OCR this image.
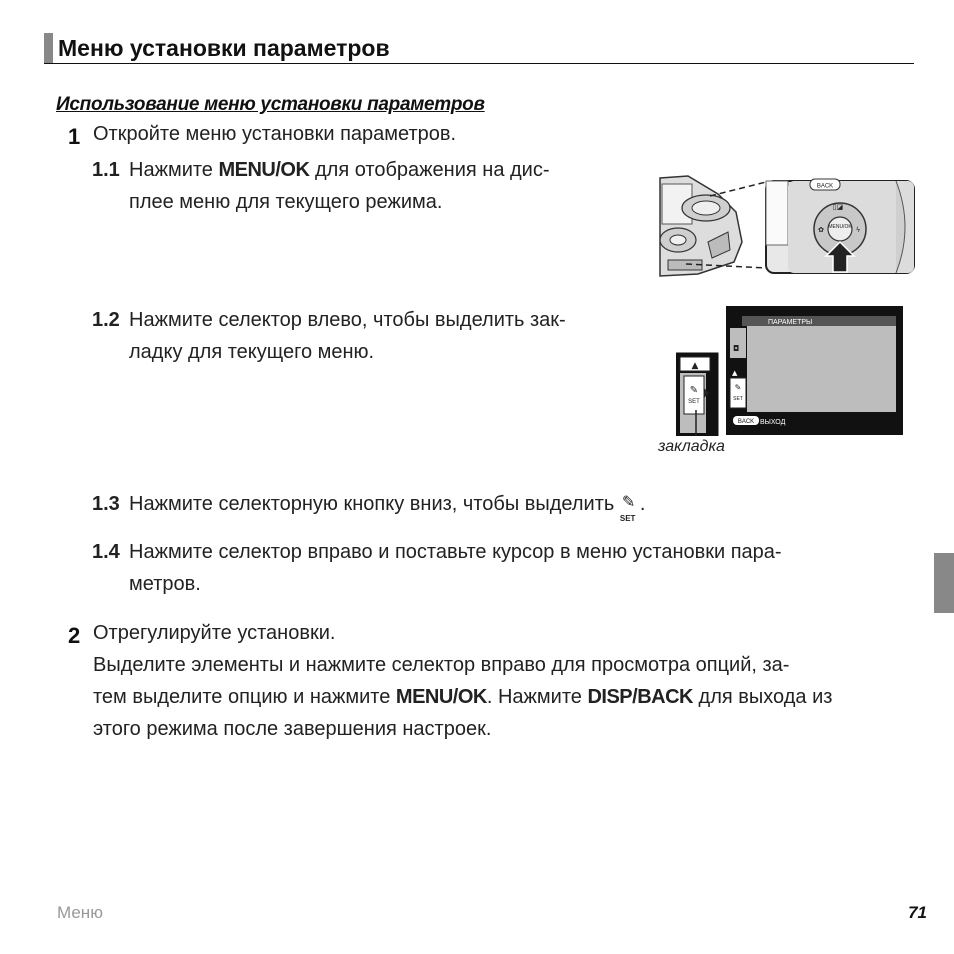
Меню установки параметров
Использование меню установки параметров
1 Откройте меню установки параметров.
1.1 Нажмите MENU/OK для отображения на дис-
плее меню для текущего режима.
BACK
MENU/OK
▯◪
✿	ϟ
1.2 Нажмите селектор влево, чтобы выделить зак-
ладку для текущего меню.
ПАРАМЕТРЫ
◘
▲
✎
SET
BACK ВЫХОД
▲
✎
SET
закладка
1.3 Нажмите селекторную кнопку вниз, чтобы выделить ✎
SET
.
1.4 Нажмите селектор вправо и поставьте курсор в меню установки пара-
метров.
2 Отрегулируйте установки.
Выделите элементы и нажмите селектор вправо для просмотра опций, за-
тем выделите опцию и нажмите MENU/OK. Нажмите DISP/BACK для выхода из
этого режима после завершения настроек.
Меню	71
